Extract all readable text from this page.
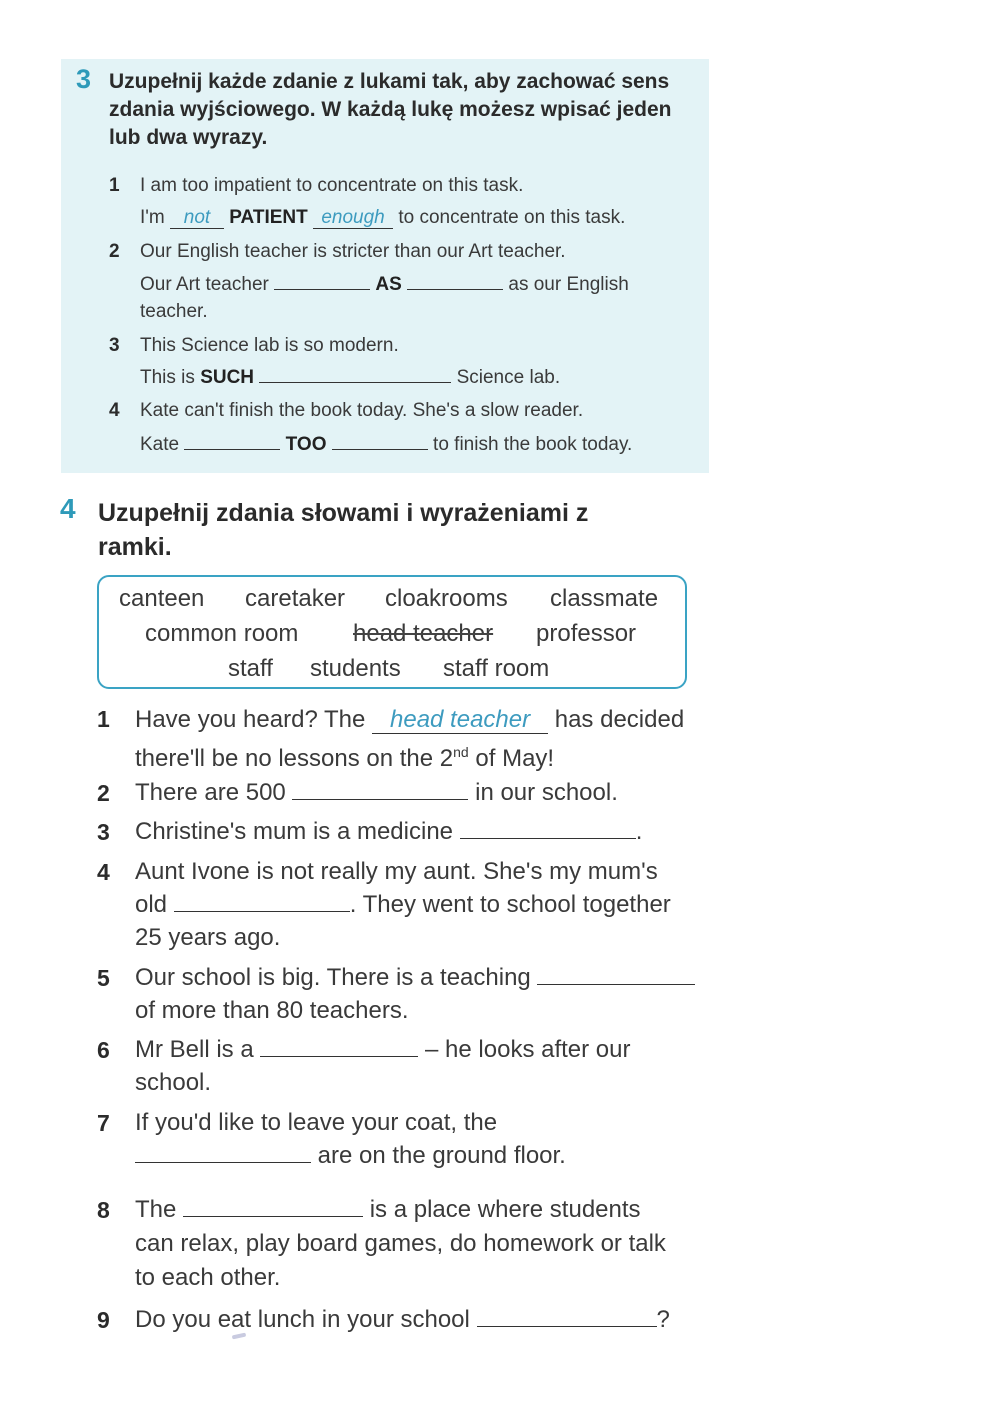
3 Uzupełnij każde zdanie z lukami tak, aby zachować sens zdania wyjściowego. W każdą lukę możesz wpisać jeden lub dwa wyrazy.
1 I am too impatient to concentrate on this task.
I'm not PATIENT enough to concentrate on this task.
2 Our English teacher is stricter than our Art teacher.
Our Art teacher	AS	as our English
teacher.
3 This Science lab is so modern.
This is SUCH	Science lab.
4 Kate can't finish the book today. She's a slow reader.
Kate	TOO	to finish the book today.
4 Uzupełnij zdania słowami i wyrażeniami z ramki.
canteen caretaker cloakrooms classmate
common room head teacher professor
staff students staff room
1 Have you heard? The head teacher has decided
there'll be no lessons on the 2nd of May!
2 There are 500	in our school.
3 Christine's mum is a medicine	.
4 Aunt Ivone is not really my aunt. She's my mum's
old	. They went to school together
25 years ago.
5 Our school is big. There is a teaching
of more than 80 teachers.
6 Mr Bell is a	– he looks after our
school.
7 If you'd like to leave your coat, the
are on the ground floor.
8 The	is a place where students
can relax, play board games, do homework or talk
to each other.
9 Do you eat lunch in your school	?
